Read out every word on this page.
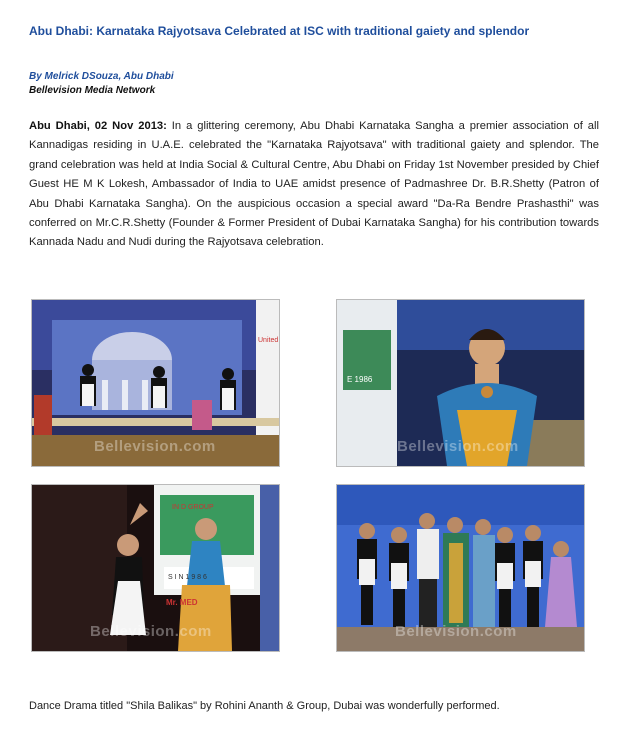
Abu Dhabi: Karnataka Rajyotsava Celebrated at ISC with traditional gaiety and splendor
By Melrick DSouza, Abu Dhabi
Bellevision Media Network
Abu Dhabi, 02 Nov 2013: In a glittering ceremony, Abu Dhabi Karnataka Sangha a premier association of all Kannadigas residing in U.A.E. celebrated the "Karnataka Rajyotsava" with traditional gaiety and splendor. The grand celebration was held at India Social & Cultural Centre, Abu Dhabi on Friday 1st November presided by Chief Guest HE M K Lokesh, Ambassador of India to UAE amidst presence of Padmashree Dr. B.R.Shetty (Patron of Abu Dhabi Karnataka Sangha). On the auspicious occasion a special award "Da-Ra Bendre Prashasthi" was conferred on Mr.C.R.Shetty (Founder & Former President of Dubai Karnataka Sangha) for his contribution towards Kannada Nadu and Nudi during the Rajyotsava celebration.
United
Bellevision.com
E 1986
Bellevision.com
IN D GROUP
S I N 1 9 8 6
Mr. MED
Bellevision.com	Bellevision.com
Dance Drama titled "Shila Balikas" by Rohini Ananth & Group, Dubai was wonderfully performed.
